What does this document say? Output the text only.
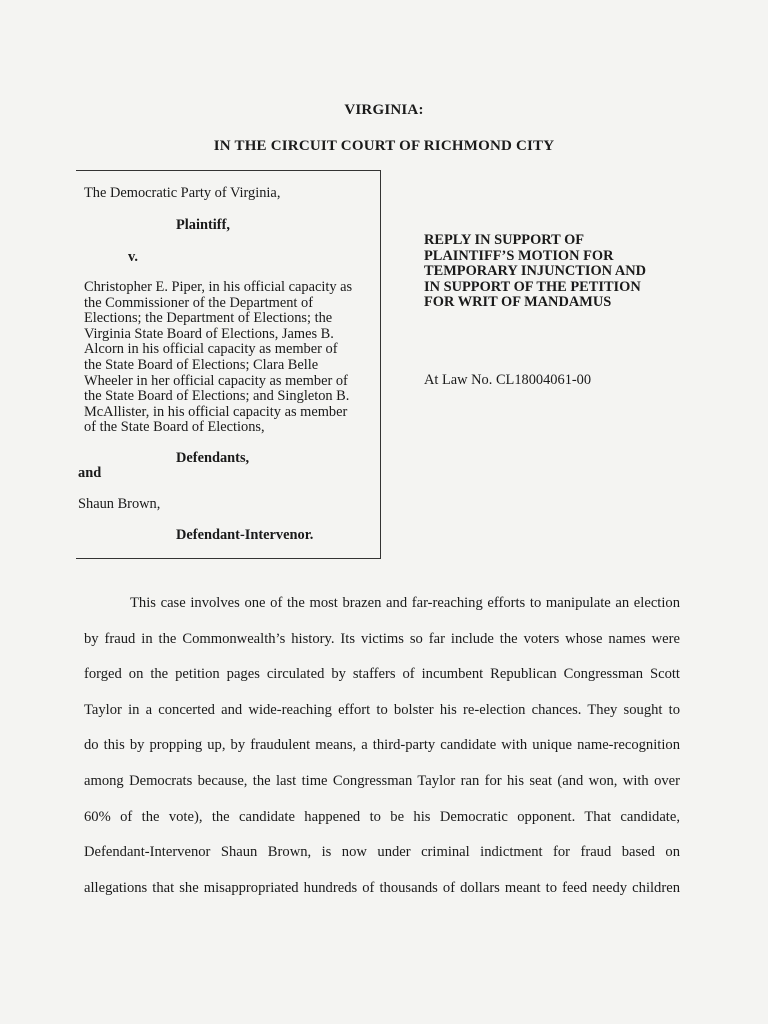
VIRGINIA:
IN THE CIRCUIT COURT OF RICHMOND CITY
The Democratic Party of Virginia,
Plaintiff,
v.
Christopher E. Piper, in his official capacity as
the Commissioner of the Department of
Elections; the Department of Elections; the
Virginia State Board of Elections, James B.
Alcorn in his official capacity as member of
the State Board of Elections; Clara Belle
Wheeler in her official capacity as member of
the State Board of Elections; and Singleton B.
McAllister, in his official capacity as member
of the State Board of Elections,
Defendants,
and
Shaun Brown,
Defendant-Intervenor.
REPLY IN SUPPORT OF
PLAINTIFF’S MOTION FOR
TEMPORARY INJUNCTION AND
IN SUPPORT OF THE PETITION
FOR WRIT OF MANDAMUS
At Law No. CL18004061-00
This case involves one of the most brazen and far-reaching efforts to manipulate an election
by fraud in the Commonwealth’s history. Its victims so far include the voters whose names were
forged on the petition pages circulated by staffers of incumbent Republican Congressman Scott
Taylor in a concerted and wide-reaching effort to bolster his re-election chances. They sought to
do this by propping up, by fraudulent means, a third-party candidate with unique name-recognition
among Democrats because, the last time Congressman Taylor ran for his seat (and won, with over
60% of the vote), the candidate happened to be his Democratic opponent. That candidate,
Defendant-Intervenor Shaun Brown, is now under criminal indictment for fraud based on
allegations that she misappropriated hundreds of thousands of dollars meant to feed needy children
